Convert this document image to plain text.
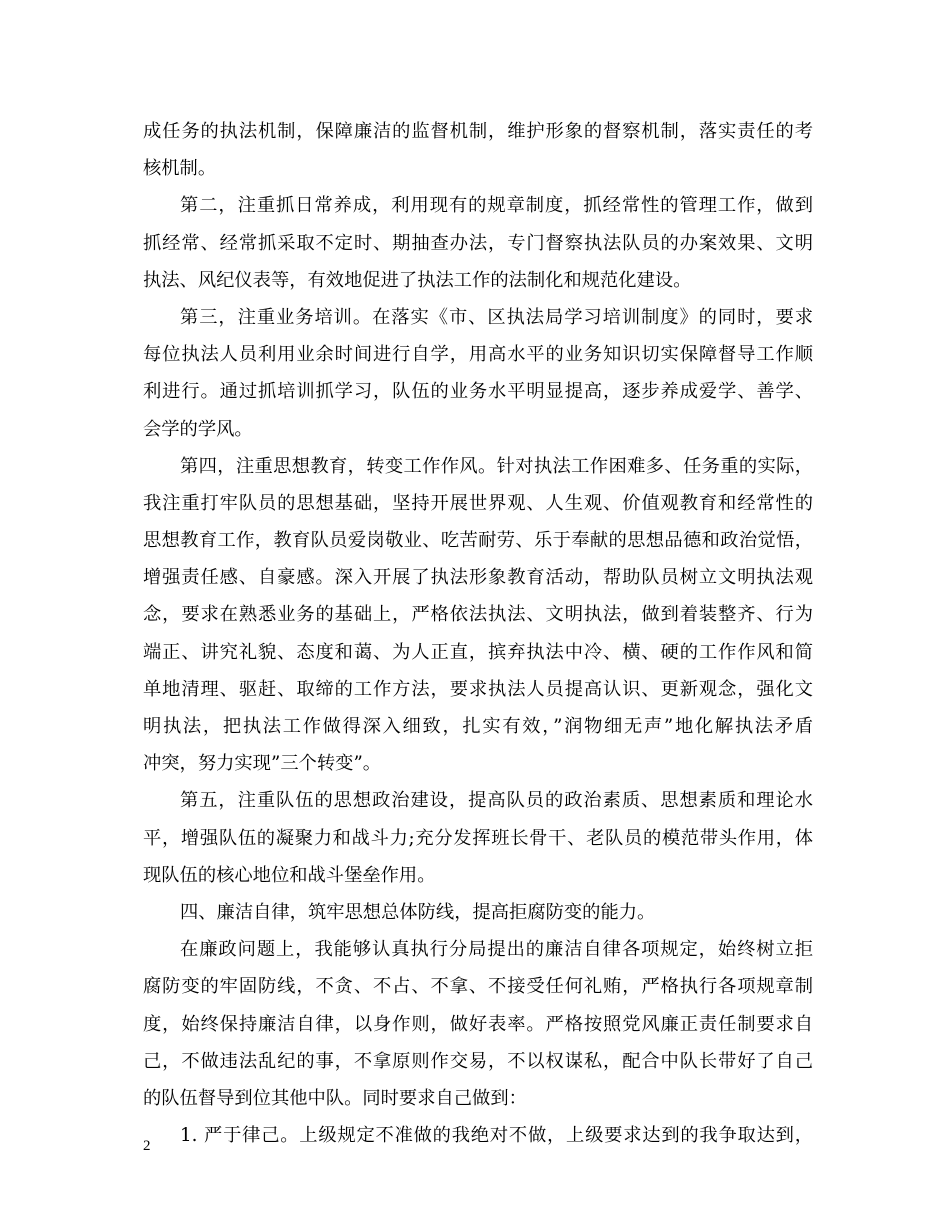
成任务的执法机制，保障廉洁的监督机制，维护形象的督察机制，落实责任的考
核机制。
第二，注重抓日常养成，利用现有的规章制度，抓经常性的管理工作，做到
抓经常、经常抓采取不定时、期抽查办法，专门督察执法队员的办案效果、文明
执法、风纪仪表等，有效地促进了执法工作的法制化和规范化建设。
第三，注重业务培训。在落实《市、区执法局学习培训制度》的同时，要求
每位执法人员利用业余时间进行自学，用高水平的业务知识切实保障督导工作顺
利进行。通过抓培训抓学习，队伍的业务水平明显提高，逐步养成爱学、善学、
会学的学风。
第四，注重思想教育，转变工作作风。针对执法工作困难多、任务重的实际，
我注重打牢队员的思想基础，坚持开展世界观、人生观、价值观教育和经常性的
思想教育工作，教育队员爱岗敬业、吃苦耐劳、乐于奉献的思想品德和政治觉悟，
增强责任感、自豪感。深入开展了执法形象教育活动，帮助队员树立文明执法观
念，要求在熟悉业务的基础上，严格依法执法、文明执法，做到着装整齐、行为
端正、讲究礼貌、态度和蔼、为人正直，摈弃执法中冷、横、硬的工作作风和简
单地清理、驱赶、取缔的工作方法，要求执法人员提高认识、更新观念，强化文
明执法，把执法工作做得深入细致，扎实有效，”润物细无声”地化解执法矛盾
冲突，努力实现”三个转变”。
第五，注重队伍的思想政治建设，提高队员的政治素质、思想素质和理论水
平，增强队伍的凝聚力和战斗力;充分发挥班长骨干、老队员的模范带头作用，体
现队伍的核心地位和战斗堡垒作用。
四、廉洁自律，筑牢思想总体防线，提高拒腐防变的能力。
在廉政问题上，我能够认真执行分局提出的廉洁自律各项规定，始终树立拒
腐防变的牢固防线，不贪、不占、不拿、不接受任何礼贿，严格执行各项规章制
度，始终保持廉洁自律，以身作则，做好表率。严格按照党风廉正责任制要求自
己，不做违法乱纪的事，不拿原则作交易，不以权谋私，配合中队长带好了自己
的队伍督导到位其他中队。同时要求自己做到：
1. 严于律己。上级规定不准做的我绝对不做，上级要求达到的我争取达到，
2
